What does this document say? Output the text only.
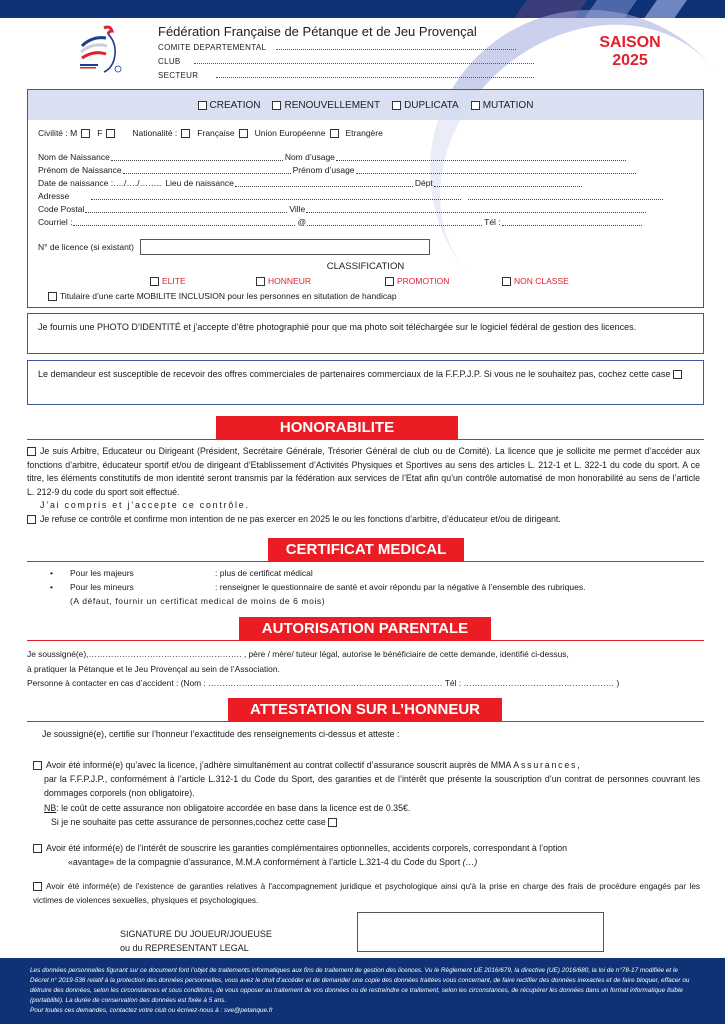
Fédération Française de Pétanque et de Jeu Provençal
COMITE DEPARTEMENTAL
CLUB
SECTEUR
SAISON
2025
CREATION RENOUVELLEMENT DUPLICATA MUTATION
Civilité : M F	Nationalité : Française Union Européenne Etrangère
Nom de Naissance	Nom d’usage
Prénom de Naissance	Prénom d’usage
Date de naissance :…./…./…….. Lieu de naissance	Dépt
Adresse
Code Postal	Ville
Courriel :	@	Tél :
N° de licence (si existant)
CLASSIFICATION
ELITE	HONNEUR	PROMOTION	NON CLASSE
Titulaire d’une carte MOBILITE INCLUSION pour les personnes en situtation de handicap
Je fournis une PHOTO D’IDENTITÉ et j’accepte d’être photographié pour que ma photo soit téléchargée sur le logiciel fédéral de gestion des licences.
Le demandeur est susceptible de recevoir des offres commerciales de partenaires commerciaux de la F.F.P.J.P. Si vous ne le souhaitez pas, cochez cette case
HONORABILITE
Je suis Arbitre, Educateur ou Dirigeant (Président, Secrétaire Générale, Trésorier Général de club ou de Comité). La licence que je sollicite me permet d’accéder aux fonctions d’arbitre, éducateur sportif et/ou de dirigeant d’Etablissement d’Activités Physiques et Sportives au sens des articles L. 212-1 et L. 322-1 du code du sport. A ce titre, les éléments constitutifs de mon identité seront transmis par la fédération aux services de l’Etat afin qu’un contrôle automatisé de mon honorabilité au sens de l’article L. 212-9 du code du sport soit effectué.
J’ai compris et j’accepte ce contrôle.
Je refuse ce contrôle et confirme mon intention de ne pas exercer en 2025 le ou les fonctions d’arbitre, d’éducateur et/ou de dirigeant.
CERTIFICAT MEDICAL
•	Pour les majeurs	: plus de certificat médical
•	Pour les mineurs	: renseigner le questionnaire de santé et avoir répondu par la négative à l’ensemble des rubriques.
(A défaut, fournir un certificat medical de moins de 6 mois)
AUTORISATION PARENTALE
Je soussigné(e),………………………………………………. , père / mère/ tuteur légal, autorise le bénéficiaire de cette demande, identifié ci-dessus,
à pratiquer la Pétanque et le Jeu Provençal au sein de l’Association.
Personne à contacter en cas d’accident : (Nom : ………………………………………………………………………… Tél : ……………………………………………… )
ATTESTATION SUR L’HONNEUR
Je soussigné(e), certifie sur l’honneur l’exactitude des renseignements ci-dessus et atteste :
Avoir été informé(e) qu’avec la licence, j’adhère simultanément au contrat collectif d’assurance souscrit auprès de MMA Assurances,
par la F.F.P.J.P., conformément à l’article L.312-1 du Code du Sport, des garanties et de l’intérêt que présente la souscription d’un contrat de personnes couvrant les dommages corporels (non obligatoire).
NB: le coût de cette assurance non obligatoire accordée en base dans la licence est de 0.35€.
Si je ne souhaite pas cette assurance de personnes,cochez cette case
Avoir été informé(e) de l’intérêt de souscrire les garanties complémentaires optionnelles, accidents corporels, correspondant à l’option
«avantage» de la compagnie d’assurance, M.M.A conformément à l’article L.321-4 du Code du Sport (…)
Avoir été informé(e) de l'existence de garanties relatives à l'accompagnement juridique et psychologique ainsi qu'à la prise en charge des frais de procédure engagés par les victimes de violences sexuelles, physiques et psychologiques.
SIGNATURE DU JOUEUR/JOUEUSE
ou du REPRESENTANT LEGAL
Les données personnelles figurant sur ce document font l’objet de traitements informatiques aux fins de traitement de gestion des licences. Vu le Règlement UE 2016/679, la directive (UE) 2016/680, la loi de n°78-17 modifiée et le Décret n° 2019-536 relatif à la protection des données personnelles, vous avez le droit d’accéder et de demander une copie des données traitées vous concernant, de faire rectifier des données inexactes et de faire bloquer, effacer ou détruire des données, selon les circonstances et sous conditions, de vous opposer au traitement de vos données ou de restreindre ce traitement, selon les circonstances, de récupérer les données dans un format informatique lisible (portabilité). La durée de conservation des données est fixée à 5 ans.
Pour toutes ces demandes, contactez votre club ou écrivez-nous à : sve@petanque.fr
